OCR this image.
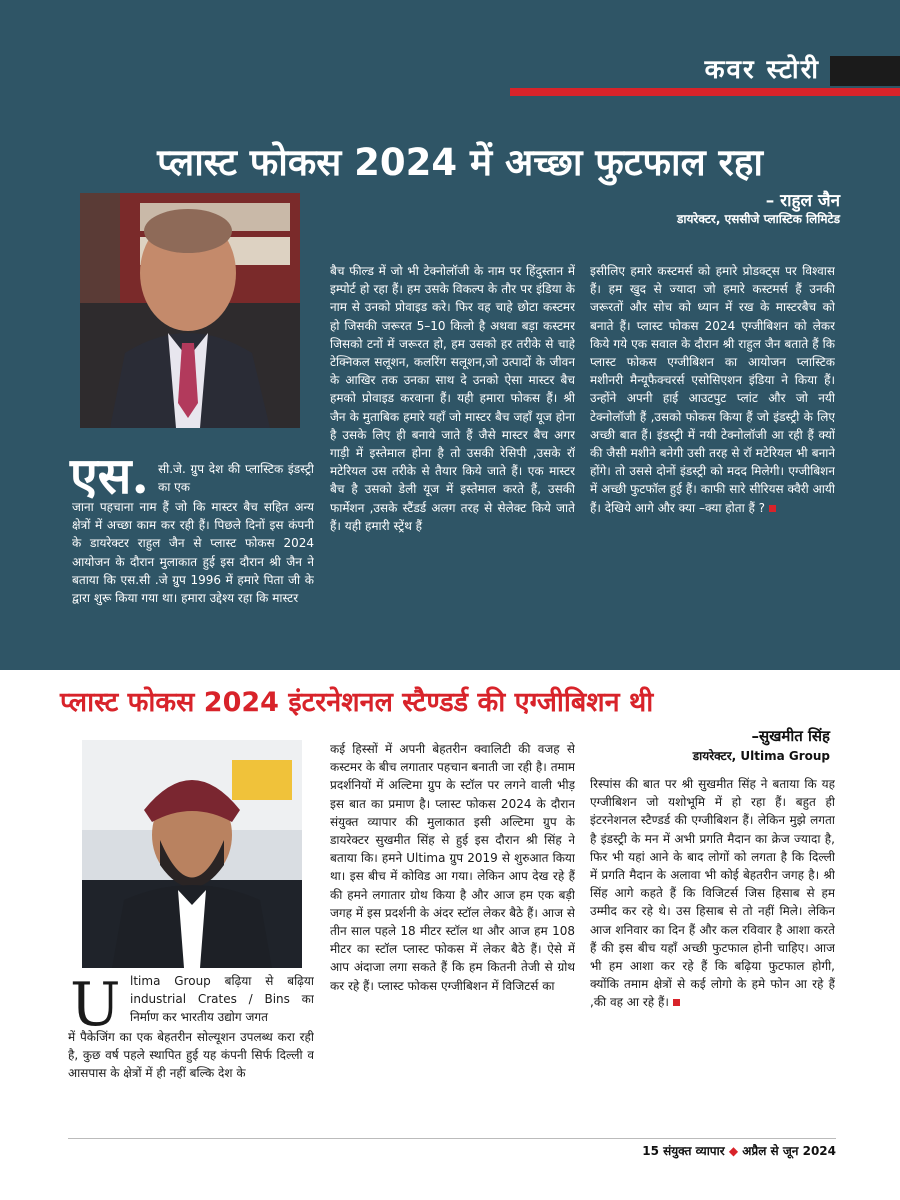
कवर स्टोरी
प्लास्ट फोकस 2024 में अच्छा फुटफाल रहा
– राहुल जैन
डायरेक्टर, एससीजे प्लास्टिक लिमिटेड
एस. सी.जे. ग्रुप देश की प्लास्टिक इंडस्ट्री का एक
जाना पहचाना नाम हैं जो कि मास्टर बैच सहित अन्य क्षेत्रों में अच्छा काम कर रही हैं। पिछले दिनों इस कंपनी के डायरेक्टर राहुल जैन से प्लास्ट फोकस 2024 आयोजन के दौरान मुलाकात हुई इस दौरान श्री जैन ने बताया कि एस.सी .जे ग्रुप 1996 में हमारे पिता जी के द्वारा शुरू किया गया था। हमारा उद्देश्य रहा कि मास्टर
बैच फील्ड में जो भी टेक्नोलॉजी के नाम पर हिंदुस्तान में इम्पोर्ट हो रहा हैं। हम उसके विकल्प के तौर पर इंडिया के नाम से उनको प्रोवाइड करे। फिर वह चाहे छोटा कस्टमर हो जिसकी जरूरत 5–10 किलो है अथवा बड़ा कस्टमर जिसको टनों में जरूरत हो, हम उसको हर तरीके से चाहे टेक्निकल सलूशन, कलरिंग सलूशन,जो उत्पादों के जीवन के आखिर तक उनका साथ दे उनको ऐसा मास्टर बैच हमको प्रोवाइड करवाना हैं। यही हमारा फोकस हैं। श्री जैन के मुताबिक हमारे यहाँ जो मास्टर बैच जहाँ यूज होना है उसके लिए ही बनाये जाते हैं जैसे मास्टर बैच अगर गाड़ी में इस्तेमाल होना है तो उसकी रेसिपी ,उसके रॉ मटेरियल उस तरीके से तैयार किये जाते हैं। एक मास्टर बैच है उसको डेली यूज में इस्तेमाल करते हैं, उसकी फार्मेशन ,उसके स्टैंडर्ड अलग तरह से सेलेक्ट किये जाते हैं। यही हमारी स्ट्रेंथ हैं
इसीलिए हमारे कस्टमर्स को हमारे प्रोडक्ट्स पर विश्वास हैं। हम खुद से ज्यादा जो हमारे कस्टमर्स हैं उनकी जरूरतों और सोच को ध्यान में रख के मास्टरबैच को बनाते हैं। प्लास्ट फोकस 2024 एग्जीबिशन को लेकर किये गये एक सवाल के दौरान श्री राहुल जैन बताते हैं कि प्लास्ट फोकस एग्जीबिशन का आयोजन प्लास्टिक मशीनरी मैन्यूफैक्चरर्स एसोसिएशन इंडिया ने किया हैं। उन्होंने अपनी हाई आउटपुट प्लांट और जो नयी टेक्नोलॉजी हैं ,उसको फोकस किया हैं जो इंडस्ट्री के लिए अच्छी बात हैं। इंडस्ट्री में नयी टेक्नोलॉजी आ रही हैं क्यों की जैसी मशीने बनेगी उसी तरह से रॉ मटेरियल भी बनाने होंगे। तो उससे दोनों इंडस्ट्री को मदद मिलेगी। एग्जीबिशन में अच्छी फुटफॉल हुई हैं। काफी सारे सीरियस क्वैरी आयी हैं। देखिये आगे और क्या –क्या होता हैं ?
प्लास्ट फोकस 2024 इंटरनेशनल स्टैण्डर्ड की एग्जीबिशन थी
–सुखमीत सिंह
डायरेक्टर, Ultima Group
U ltima Group बढ़िया से बढ़िया industrial Crates / Bins का निर्माण कर भारतीय उद्योग जगत
में पैकेजिंग का एक बेहतरीन सोल्यूशन उपलब्ध करा रही है, कुछ वर्ष पहले स्थापित हुई यह कंपनी सिर्फ दिल्ली व आसपास के क्षेत्रों में ही नहीं बल्कि देश के
कई हिस्सों में अपनी बेहतरीन क्वालिटी की वजह से कस्टमर के बीच लगातार पहचान बनाती जा रही है। तमाम प्रदर्शनियों में अल्टिमा ग्रुप के स्टॉल पर लगने वाली भीड़ इस बात का प्रमाण है। प्लास्ट फोकस 2024 के दौरान संयुक्त व्यापार की मुलाकात इसी अल्टिमा ग्रुप के डायरेक्टर सुखमीत सिंह से हुई इस दौरान श्री सिंह ने बताया कि। हमने Ultima ग्रुप 2019 से शुरुआत किया था। इस बीच में कोविड आ गया। लेकिन आप देख रहे हैं की हमने लगातार ग्रोथ किया है और आज हम एक बड़ी जगह में इस प्रदर्शनी के अंदर स्टॉल लेकर बैठे हैं। आज से तीन साल पहले 18 मीटर स्टॉल था और आज हम 108 मीटर का स्टॉल प्लास्ट फोकस में लेकर बैठे हैं। ऐसे में आप अंदाजा लगा सकते हैं कि हम कितनी तेजी से ग्रोथ कर रहे हैं। प्लास्ट फोकस एग्जीबिशन में विजिटर्स का
रिस्पांस की बात पर श्री सुखमीत सिंह ने बताया कि यह एग्जीबिशन जो यशोभूमि में हो रहा हैं। बहुत ही इंटरनेशनल स्टैण्डर्ड की एग्जीबिशन हैं। लेकिन मुझे लगता है इंडस्ट्री के मन में अभी प्रगति मैदान का क्रेज ज्यादा है, फिर भी यहां आने के बाद लोगों को लगता है कि दिल्ली में प्रगति मैदान के अलावा भी कोई बेहतरीन जगह है। श्री सिंह आगे कहते हैं कि विजिटर्स जिस हिसाब से हम उम्मीद कर रहे थे। उस हिसाब से तो नहीं मिले। लेकिन आज शनिवार का दिन हैं और कल रविवार है आशा करते हैं की इस बीच यहाँ अच्छी फुटफाल होनी चाहिए। आज भी हम आशा कर रहे हैं कि बढ़िया फुटफाल होगी, क्योंकि तमाम क्षेत्रों से कई लोगो के हमे फोन आ रहे हैं ,की वह आ रहे हैं।
15 संयुक्त व्यापार ◆ अप्रैल से जून 2024
